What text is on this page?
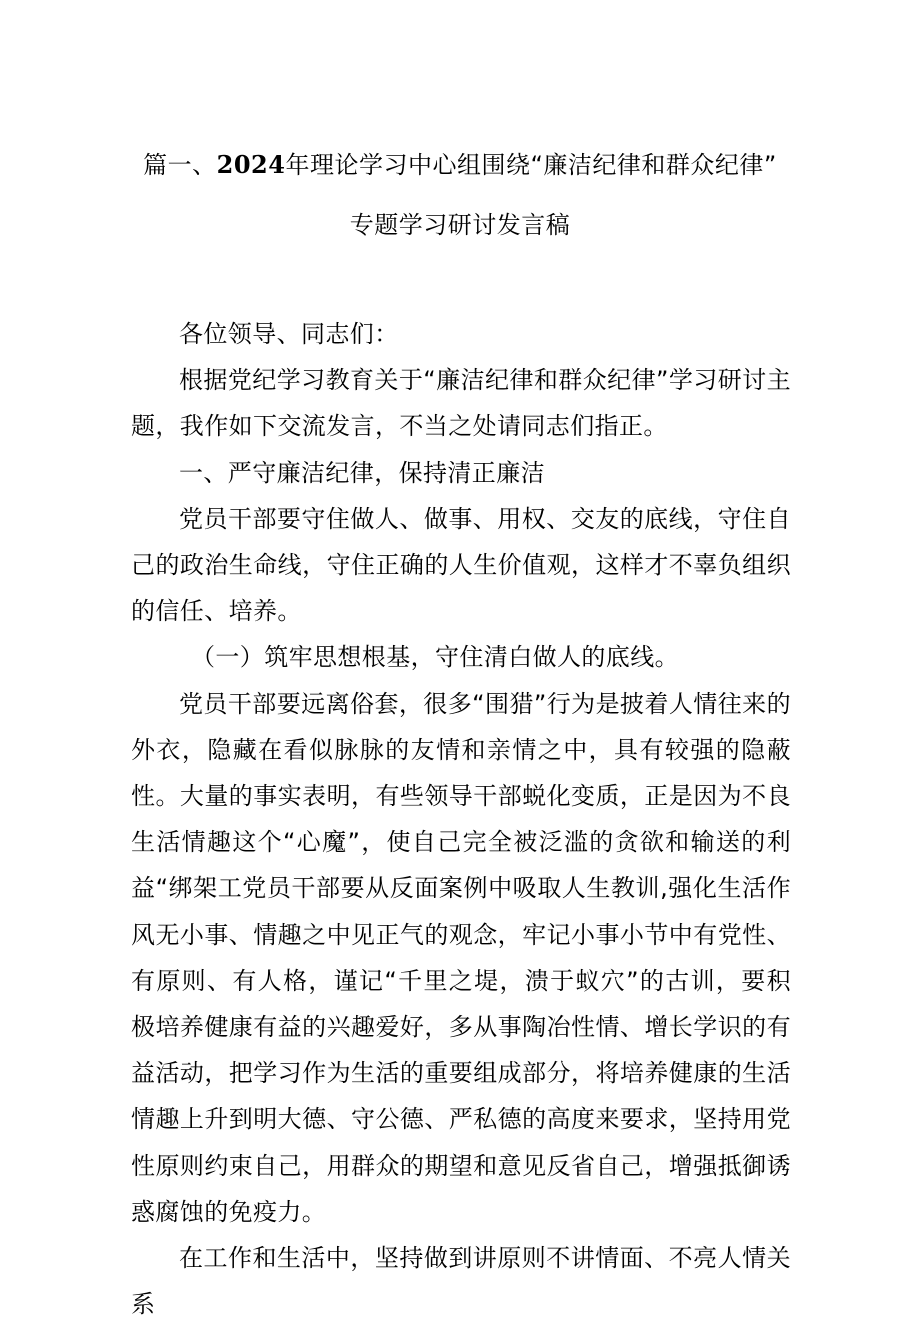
篇一、2024年理论学习中心组围绕“廉洁纪律和群众纪律”
专题学习研讨发言稿

各位领导、同志们：

根据党纪学习教育关于“廉洁纪律和群众纪律”学习研讨主题，我作如下交流发言，不当之处请同志们指正。

一、严守廉洁纪律，保持清正廉洁

党员干部要守住做人、做事、用权、交友的底线，守住自己的政治生命线，守住正确的人生价值观，这样才不辜负组织的信任、培养。

（一）筑牢思想根基，守住清白做人的底线。

党员干部要远离俗套，很多“围猎”行为是披着人情往来的外衣，隐藏在看似脉脉的友情和亲情之中，具有较强的隐蔽性。大量的事实表明，有些领导干部蜕化变质，正是因为不良生活情趣这个“心魔”，使自己完全被泛滥的贪欲和输送的利益“绑架工党员干部要从反面案例中吸取人生教训,强化生活作风无小事、情趣之中见正气的观念，牢记小事小节中有党性、有原则、有人格，谨记“千里之堤，溃于蚁穴”的古训，要积极培养健康有益的兴趣爱好，多从事陶冶性情、增长学识的有益活动，把学习作为生活的重要组成部分，将培养健康的生活情趣上升到明大德、守公德、严私德的高度来要求，坚持用党性原则约束自己，用群众的期望和意见反省自己，增强抵御诱惑腐蚀的免疫力。

在工作和生活中，坚持做到讲原则不讲情面、不亮人情关系
